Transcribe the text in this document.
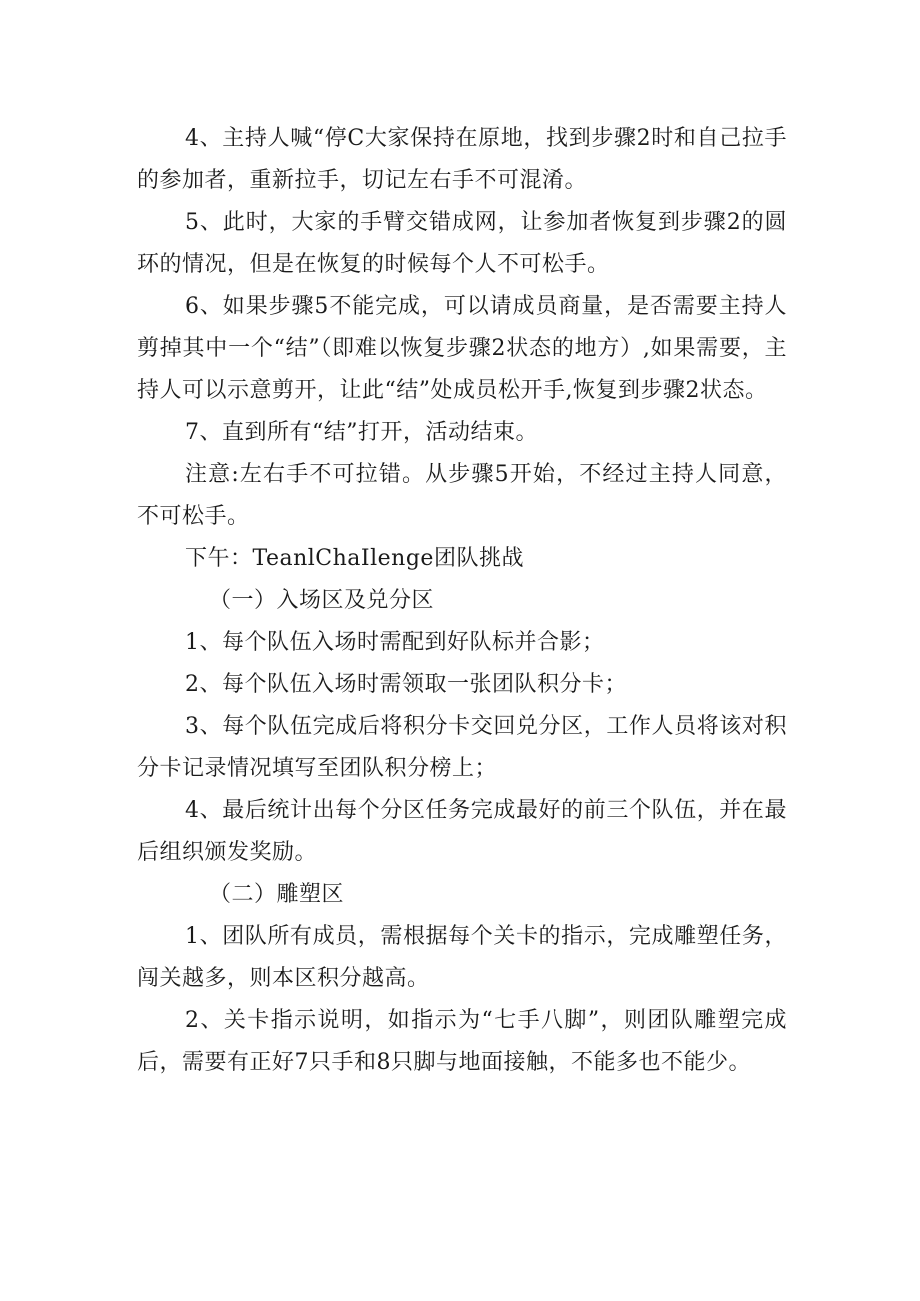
4、主持人喊“停C大家保持在原地，找到步骤2时和自己拉手的参加者，重新拉手，切记左右手不可混淆。

5、此时，大家的手臂交错成网，让参加者恢复到步骤2的圆环的情况，但是在恢复的时候每个人不可松手。

6、如果步骤5不能完成，可以请成员商量，是否需要主持人剪掉其中一个“结”（即难以恢复步骤2状态的地方）,如果需要，主持人可以示意剪开，让此“结”处成员松开手,恢复到步骤2状态。

7、直到所有“结”打开，活动结束。

注意:左右手不可拉错。从步骤5开始，不经过主持人同意，不可松手。

下午：TeanlChaIlenge团队挑战

（一）入场区及兑分区

1、每个队伍入场时需配到好队标并合影；

2、每个队伍入场时需领取一张团队积分卡；

3、每个队伍完成后将积分卡交回兑分区，工作人员将该对积分卡记录情况填写至团队积分榜上；

4、最后统计出每个分区任务完成最好的前三个队伍，并在最后组织颁发奖励。

（二）雕塑区

1、团队所有成员，需根据每个关卡的指示，完成雕塑任务，闯关越多，则本区积分越高。

2、关卡指示说明，如指示为“七手八脚”，则团队雕塑完成后，需要有正好7只手和8只脚与地面接触，不能多也不能少。
